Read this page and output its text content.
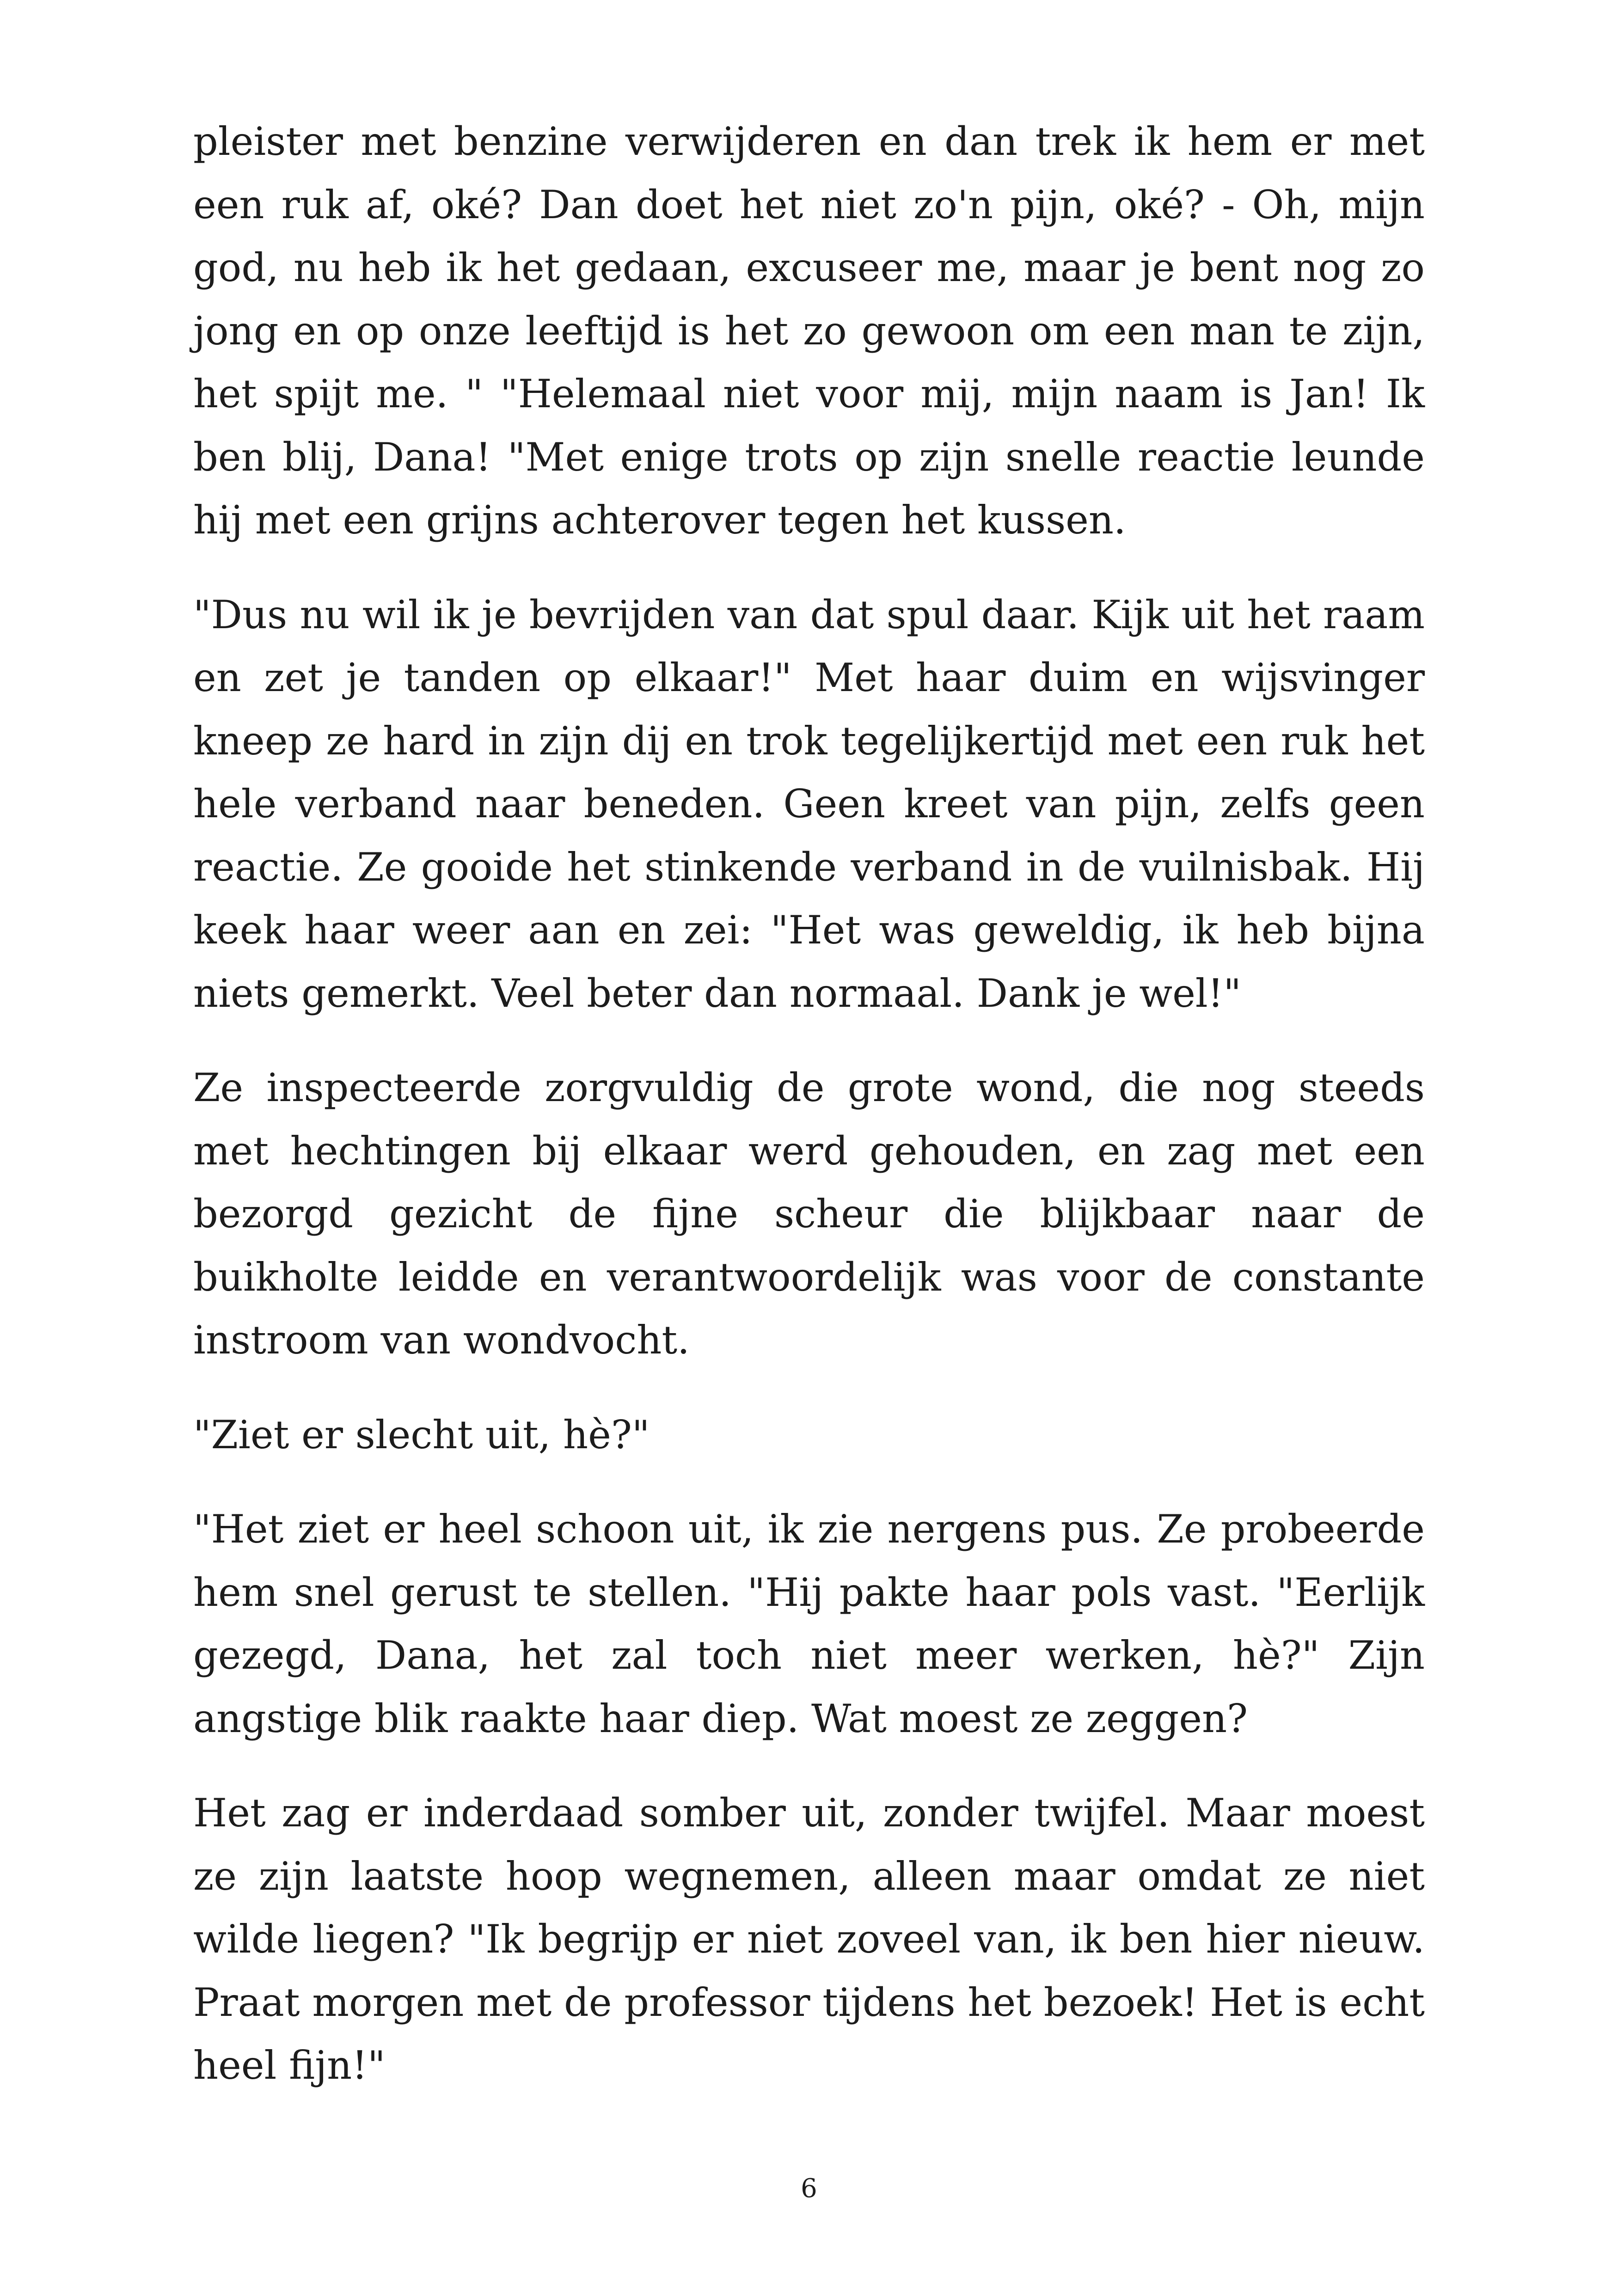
pleister met benzine verwijderen en dan trek ik hem er met een ruk af, oké? Dan doet het niet zo'n pijn, oké? - Oh, mijn god, nu heb ik het gedaan, excuseer me, maar je bent nog zo jong en op onze leeftijd is het zo gewoon om een man te zijn, het spijt me. " "Helemaal niet voor mij, mijn naam is Jan! Ik ben blij, Dana! "Met enige trots op zijn snelle reactie leunde hij met een grijns achterover tegen het kussen.

"Dus nu wil ik je bevrijden van dat spul daar. Kijk uit het raam en zet je tanden op elkaar!" Met haar duim en wijsvinger kneep ze hard in zijn dij en trok tegelijkertijd met een ruk het hele verband naar beneden. Geen kreet van pijn, zelfs geen reactie. Ze gooide het stinkende verband in de vuilnisbak. Hij keek haar weer aan en zei: "Het was geweldig, ik heb bijna niets gemerkt. Veel beter dan normaal. Dank je wel!"

Ze inspecteerde zorgvuldig de grote wond, die nog steeds met hechtingen bij elkaar werd gehouden, en zag met een bezorgd gezicht de fijne scheur die blijkbaar naar de buikholte leidde en verantwoordelijk was voor de constante instroom van wondvocht.

"Ziet er slecht uit, hè?"

"Het ziet er heel schoon uit, ik zie nergens pus. Ze probeerde hem snel gerust te stellen. "Hij pakte haar pols vast. "Eerlijk gezegd, Dana, het zal toch niet meer werken, hè?" Zijn angstige blik raakte haar diep. Wat moest ze zeggen?

Het zag er inderdaad somber uit, zonder twijfel. Maar moest ze zijn laatste hoop wegnemen, alleen maar omdat ze niet wilde liegen? "Ik begrijp er niet zoveel van, ik ben hier nieuw. Praat morgen met de professor tijdens het bezoek! Het is echt heel fijn!"

6
